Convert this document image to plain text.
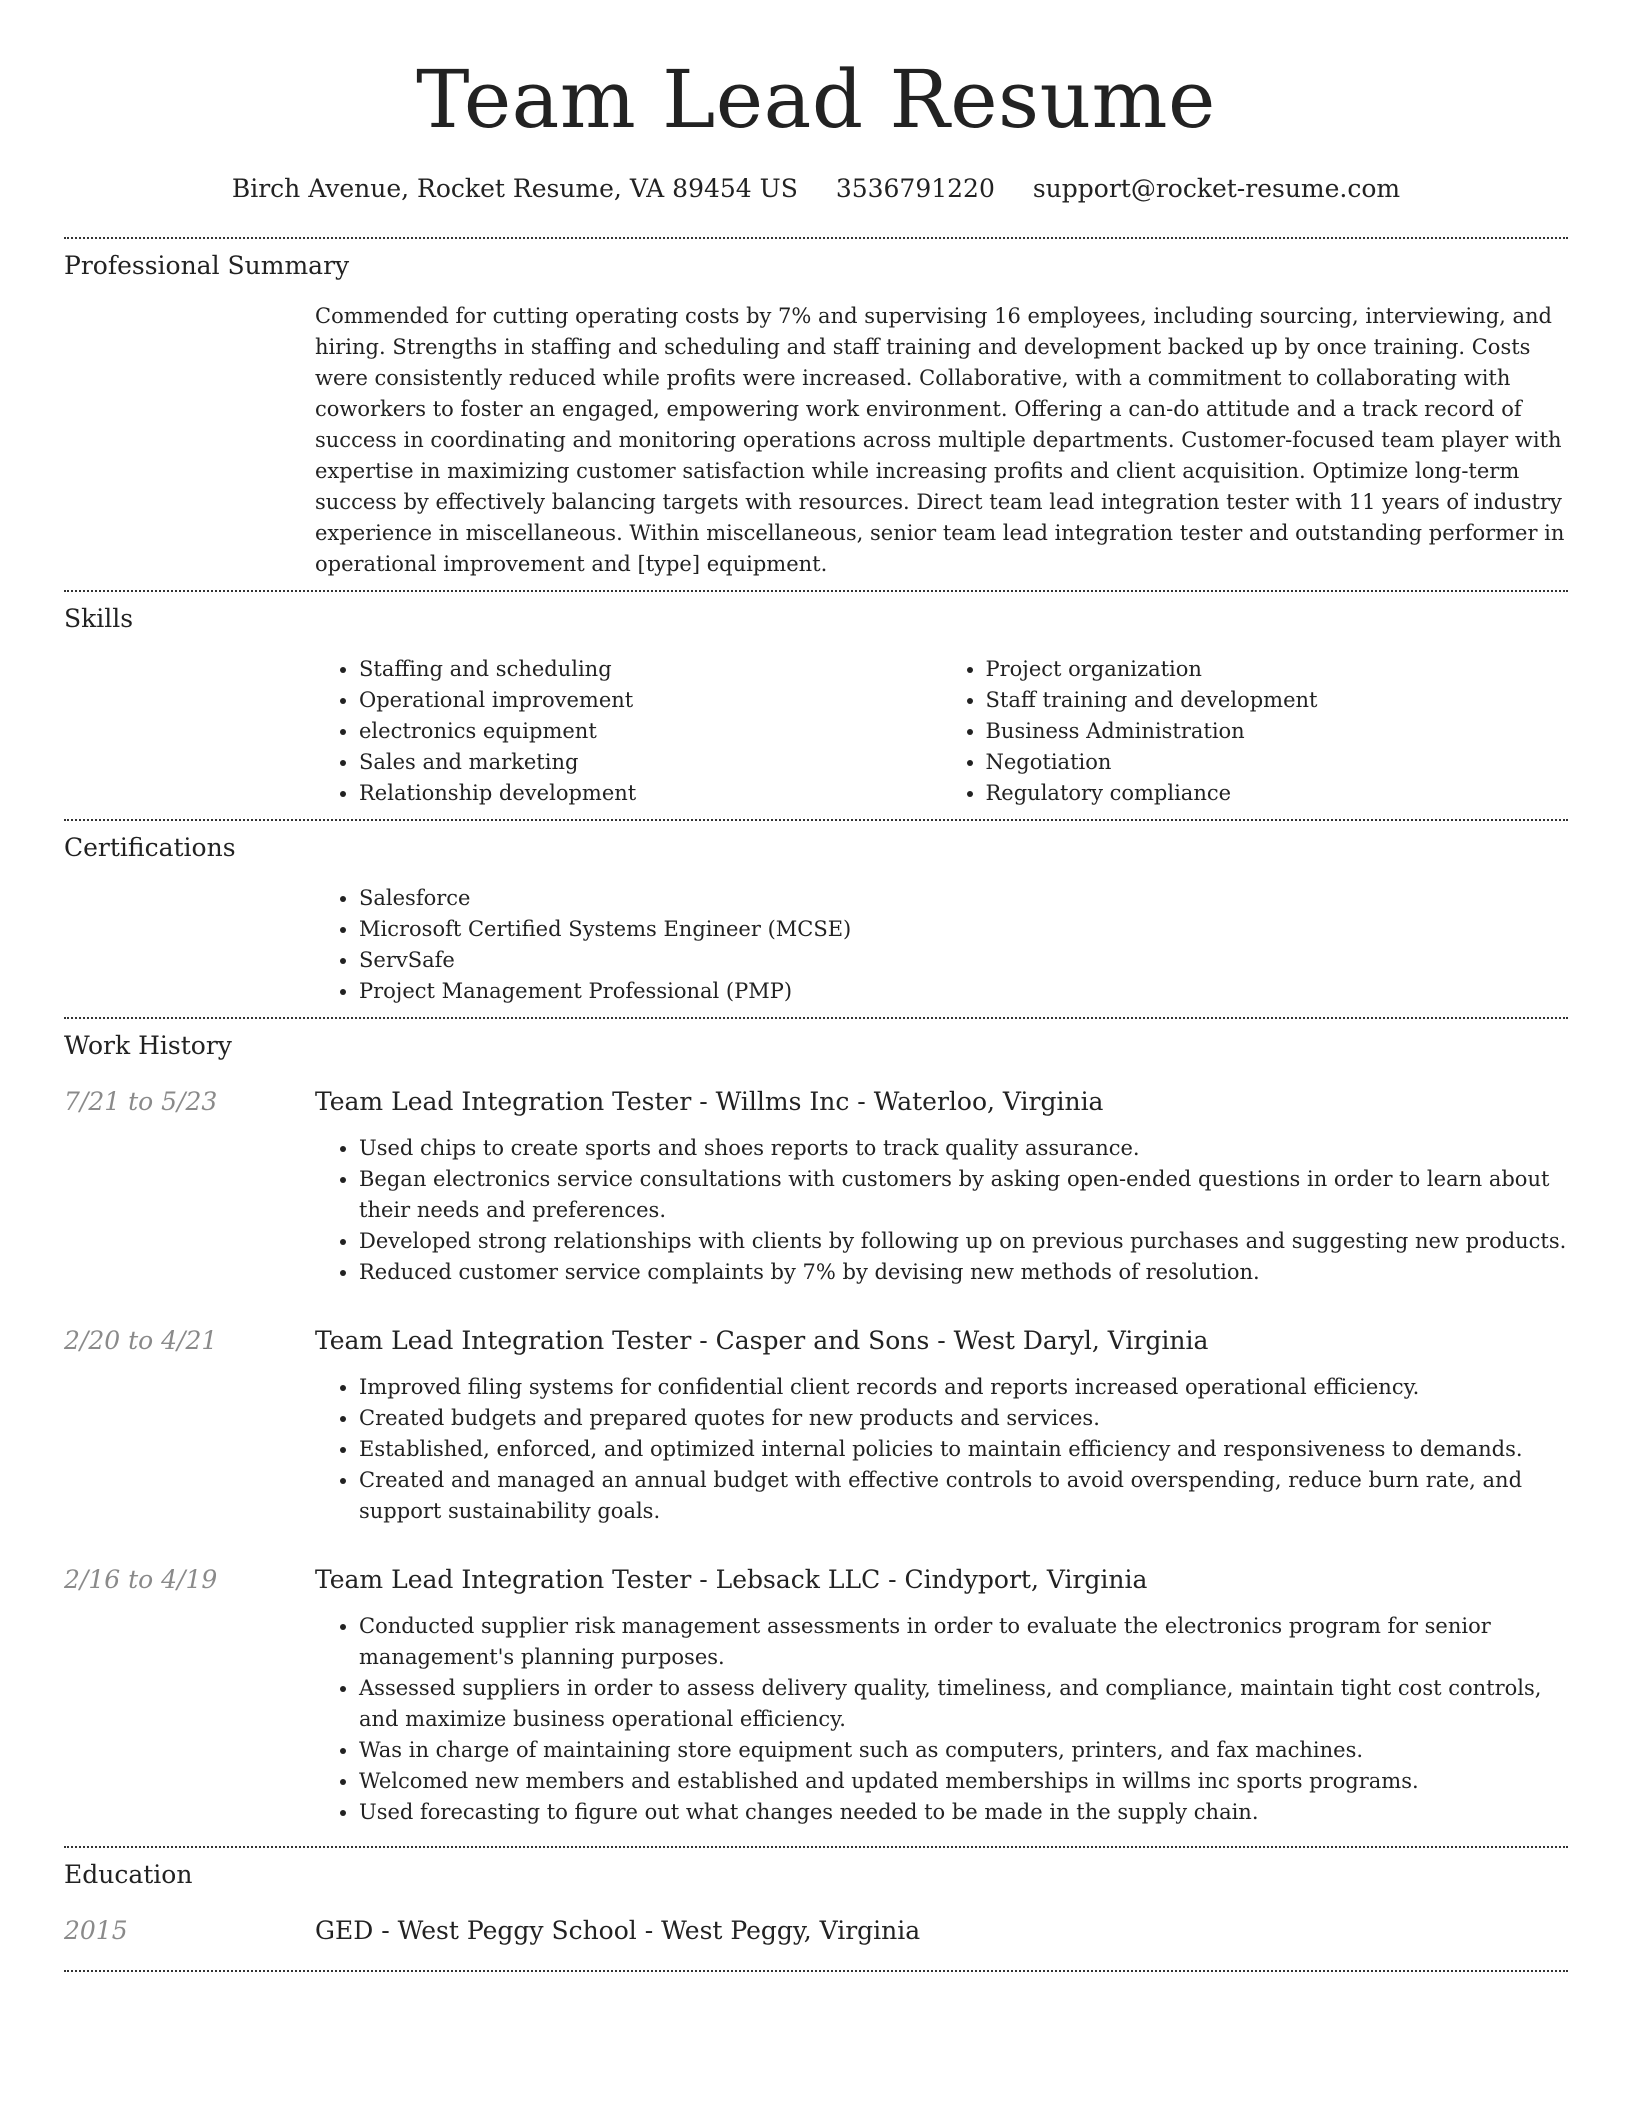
Team Lead Resume
Birch Avenue, Rocket Resume, VA 89454 US 3536791220 support@rocket-resume.com
Professional Summary

Commended for cutting operating costs by 7% and supervising 16 employees, including sourcing, interviewing, and hiring. Strengths in staffing and scheduling and staff training and development backed up by once training. Costs were consistently reduced while profits were increased. Collaborative, with a commitment to collaborating with coworkers to foster an engaged, empowering work environment. Offering a can-do attitude and a track record of success in coordinating and monitoring operations across multiple departments. Customer-focused team player with expertise in maximizing customer satisfaction while increasing profits and client acquisition. Optimize long-term success by effectively balancing targets with resources. Direct team lead integration tester with 11 years of industry experience in miscellaneous. Within miscellaneous, senior team lead integration tester and outstanding performer in operational improvement and [type] equipment.

Skills
• Staffing and scheduling
• Operational improvement
• electronics equipment
• Sales and marketing
• Relationship development
• Project organization
• Staff training and development
• Business Administration
• Negotiation
• Regulatory compliance
Certifications
• Salesforce
• Microsoft Certified Systems Engineer (MCSE)
• ServSafe
• Project Management Professional (PMP)
Work History
7/21 to 5/23	Team Lead Integration Tester - Willms Inc - Waterloo, Virginia
• Used chips to create sports and shoes reports to track quality assurance.
• Began electronics service consultations with customers by asking open-ended questions in order to learn about their needs and preferences.
• Developed strong relationships with clients by following up on previous purchases and suggesting new products.
• Reduced customer service complaints by 7% by devising new methods of resolution.
2/20 to 4/21	Team Lead Integration Tester - Casper and Sons - West Daryl, Virginia
• Improved filing systems for confidential client records and reports increased operational efficiency.
• Created budgets and prepared quotes for new products and services.
• Established, enforced, and optimized internal policies to maintain efficiency and responsiveness to demands.
• Created and managed an annual budget with effective controls to avoid overspending, reduce burn rate, and support sustainability goals.
2/16 to 4/19	Team Lead Integration Tester - Lebsack LLC - Cindyport, Virginia
• Conducted supplier risk management assessments in order to evaluate the electronics program for senior management's planning purposes.
• Assessed suppliers in order to assess delivery quality, timeliness, and compliance, maintain tight cost controls, and maximize business operational efficiency.
• Was in charge of maintaining store equipment such as computers, printers, and fax machines.
• Welcomed new members and established and updated memberships in willms inc sports programs.
• Used forecasting to figure out what changes needed to be made in the supply chain.
Education
2015	GED - West Peggy School - West Peggy, Virginia
